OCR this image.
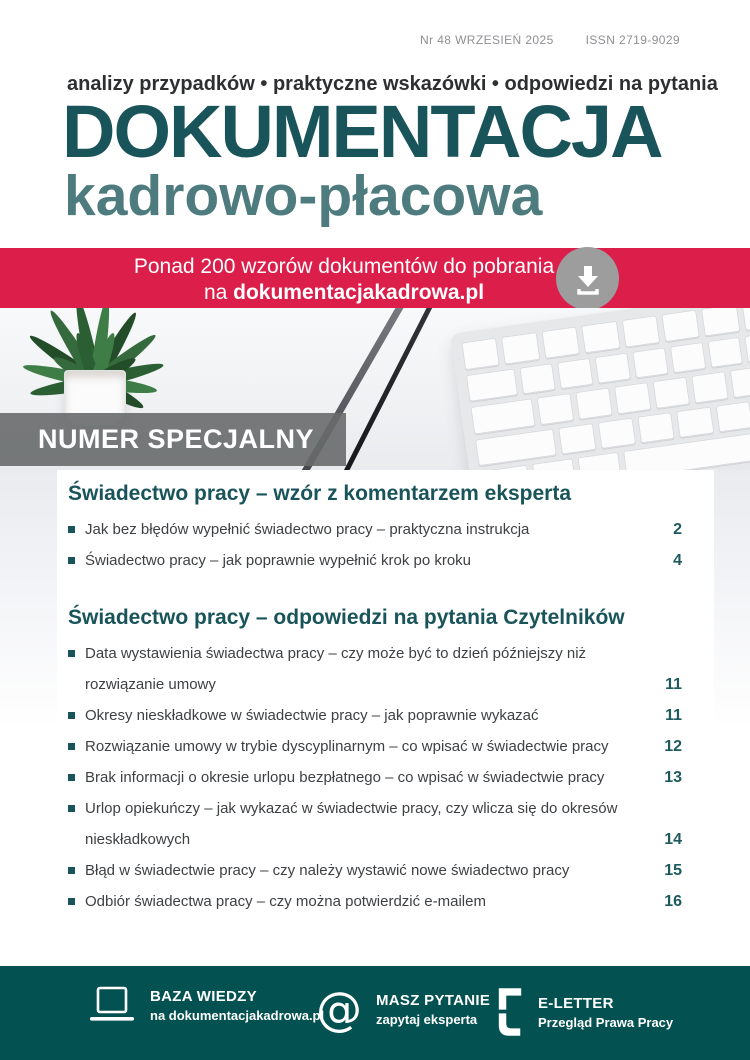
Nr 48 WRZESIEŃ 2025	ISSN 2719-9029
analizy przypadków • praktyczne wskazówki • odpowiedzi na pytania
DOKUMENTACJA
kadrowo-płacowa
Ponad 200 wzorów dokumentów do pobrania
na dokumentacjakadrowa.pl
NUMER SPECJALNY
Świadectwo pracy – wzór z komentarzem eksperta
Jak bez błędów wypełnić świadectwo pracy – praktyczna instrukcja	2
Świadectwo pracy – jak poprawnie wypełnić krok po kroku	4
Świadectwo pracy – odpowiedzi na pytania Czytelników
Data wystawienia świadectwa pracy – czy może być to dzień późniejszy niż rozwiązanie umowy	11
Okresy nieskładkowe w świadectwie pracy – jak poprawnie wykazać	11
Rozwiązanie umowy w trybie dyscyplinarnym – co wpisać w świadectwie pracy	12
Brak informacji o okresie urlopu bezpłatnego – co wpisać w świadectwie pracy	13
Urlop opiekuńczy – jak wykazać w świadectwie pracy, czy wlicza się do okresów nieskładkowych	14
Błąd w świadectwie pracy – czy należy wystawić nowe świadectwo pracy	15
Odbiór świadectwa pracy – czy można potwierdzić e-mailem	16
BAZA WIEDZY
na dokumentacjakadrowa.pl
@ MASZ PYTANIE
zapytaj eksperta
E-LETTER
Przegląd Prawa Pracy
